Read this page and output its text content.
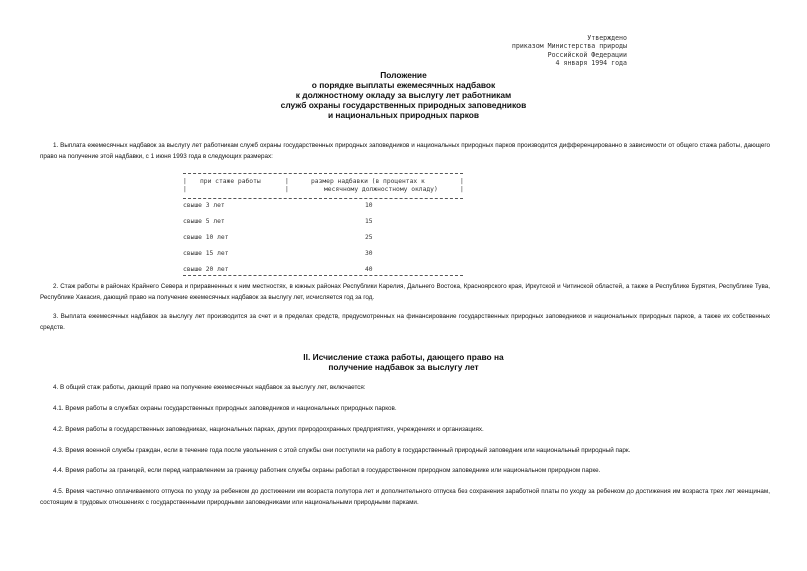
Утверждено
приказом Министерства природы
Российской Федерации
4 января 1994 года
Положение
о порядке выплаты ежемесячных надбавок
к должностному окладу за выслугу лет работникам
служб охраны государственных природных заповедников
и национальных природных парков
1. Выплата ежемесячных надбавок за выслугу лет работникам служб охраны государственных природных заповедников и национальных природных парков производится дифференцированно в зависимости от общего стажа работы, дающего право на получение этой надбавки, с 1 июня 1993 года в следующих размерах:
| при стаже работы	|	размер надбавки (в процентах к	|
|	|	месячному должностному окладу)	|
свыше 3 лет	10
свыше 5 лет	15
свыше 10 лет	25
свыше 15 лет	30
свыше 20 лет	40
2. Стаж работы в районах Крайнего Севера и приравненных к ним местностях, в южных районах Республики Карелия, Дальнего Востока, Красноярского края, Иркутской и Читинской областей, а также в Республике Бурятия, Республике Тува, Республике Хакасия, дающий право на получение ежемесячных надбавок за выслугу лет, исчисляется год за год.
3. Выплата ежемесячных надбавок за выслугу лет производится за счет и в пределах средств, предусмотренных на финансирование государственных природных заповедников и национальных природных парков, а также их собственных средств.
II. Исчисление стажа работы, дающего право на
получение надбавок за выслугу лет
4. В общий стаж работы, дающий право на получение ежемесячных надбавок за выслугу лет, включается:
4.1. Время работы в службах охраны государственных природных заповедников и национальных природных парков.
4.2. Время работы в государственных заповедниках, национальных парках, других природоохранных предприятиях, учреждениях и организациях.
4.3. Время военной службы граждан, если в течение года после увольнения с этой службы они поступили на работу в государственный природный заповедник или национальный природный парк.
4.4. Время работы за границей, если перед направлением за границу работник службы охраны работал в государственном природном заповеднике или национальном природном парке.
4.5. Время частично оплачиваемого отпуска по уходу за ребенком до достижении им возраста полутора лет и дополнительного отпуска без сохранения заработной платы по уходу за ребенком до достижения им возраста трех лет женщинам, состоящим в трудовых отношениях с государственными природными заповедниками или национальными природными парками.
